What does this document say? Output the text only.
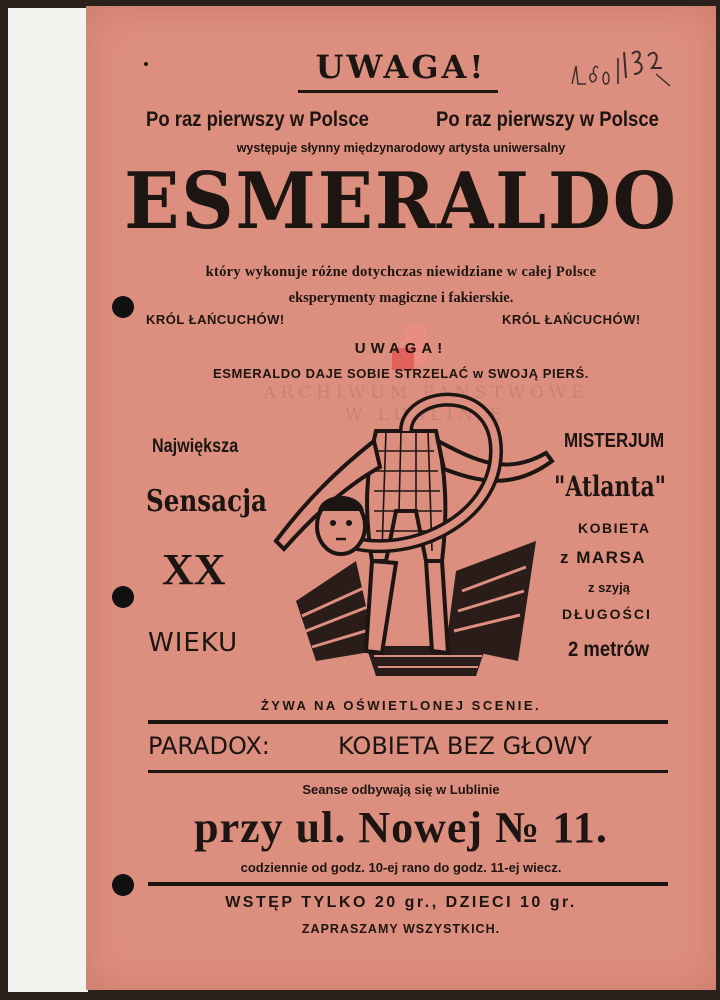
UWAGA!
Po raz pierwszy w Polsce	Po raz pierwszy w Polsce
występuje słynny międzynarodowy artysta uniwersalny
ESMERALDO
który wykonuje różne dotychczas niewidziane w całej Polsce
eksperymenty magiczne i fakierskie.
KRÓL ŁAŃCUCHÓW!	KRÓL ŁAŃCUCHÓW!
UWAGA!
ESMERALDO DAJE SOBIE STRZELAĆ w SWOJĄ PIERŚ.
ARCHIWUM PAŃSTWOWE
W LUBLINIE
Największa
Sensacja
XX
WIEKU
MISTERJUM
"Atlanta"
KOBIETA
z MARSA
z szyją
DŁUGOŚCI
2 metrów
ŻYWA NA OŚWIETLONEJ SCENIE.
PARADOX:	KOBIETA BEZ GŁOWY
Seanse odbywają się w Lublinie
przy ul. Nowej № 11.
codziennie od godz. 10-ej rano do godz. 11-ej wiecz.
WSTĘP TYLKO 20 gr., DZIECI 10 gr.
ZAPRASZAMY WSZYSTKICH.
